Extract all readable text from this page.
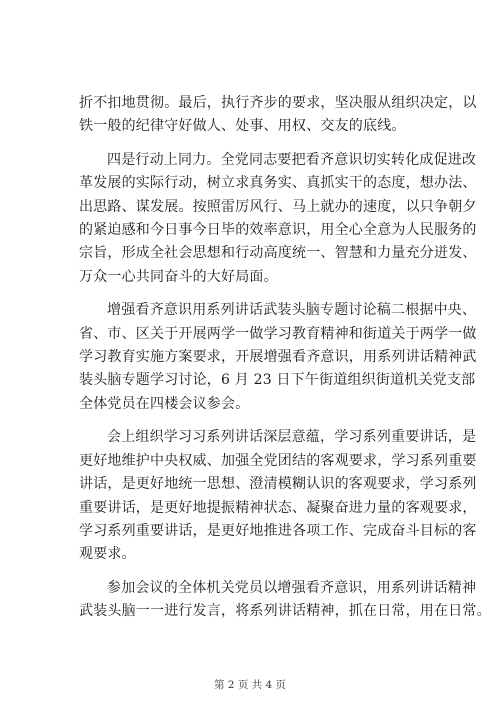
折不扣地贯彻。最后，执行齐步的要求，坚决服从组织决定，以
铁一般的纪律守好做人、处事、用权、交友的底线。

四是行动上同力。全党同志要把看齐意识切实转化成促进改
革发展的实际行动，树立求真务实、真抓实干的态度，想办法、
出思路、谋发展。按照雷厉风行、马上就办的速度，以只争朝夕
的紧迫感和今日事今日毕的效率意识，用全心全意为人民服务的
宗旨，形成全社会思想和行动高度统一、智慧和力量充分迸发、
万众一心共同奋斗的大好局面。

增强看齐意识用系列讲话武装头脑专题讨论稿二根据中央、
省、市、区关于开展两学一做学习教育精神和街道关于两学一做
学习教育实施方案要求，开展增强看齐意识，用系列讲话精神武
装头脑专题学习讨论，6 月 23 日下午街道组织街道机关党支部
全体党员在四楼会议参会。

会上组织学习习系列讲话深层意蕴，学习系列重要讲话，是
更好地维护中央权威、加强全党团结的客观要求，学习系列重要
讲话，是更好地统一思想、澄清模糊认识的客观要求，学习系列
重要讲话，是更好地提振精神状态、凝聚奋进力量的客观要求，
学习系列重要讲话，是更好地推进各项工作、完成奋斗目标的客
观要求。

参加会议的全体机关党员以增强看齐意识，用系列讲话精神
武装头脑一一进行发言，将系列讲话精神，抓在日常，用在日常。

第 2 页 共 4 页
